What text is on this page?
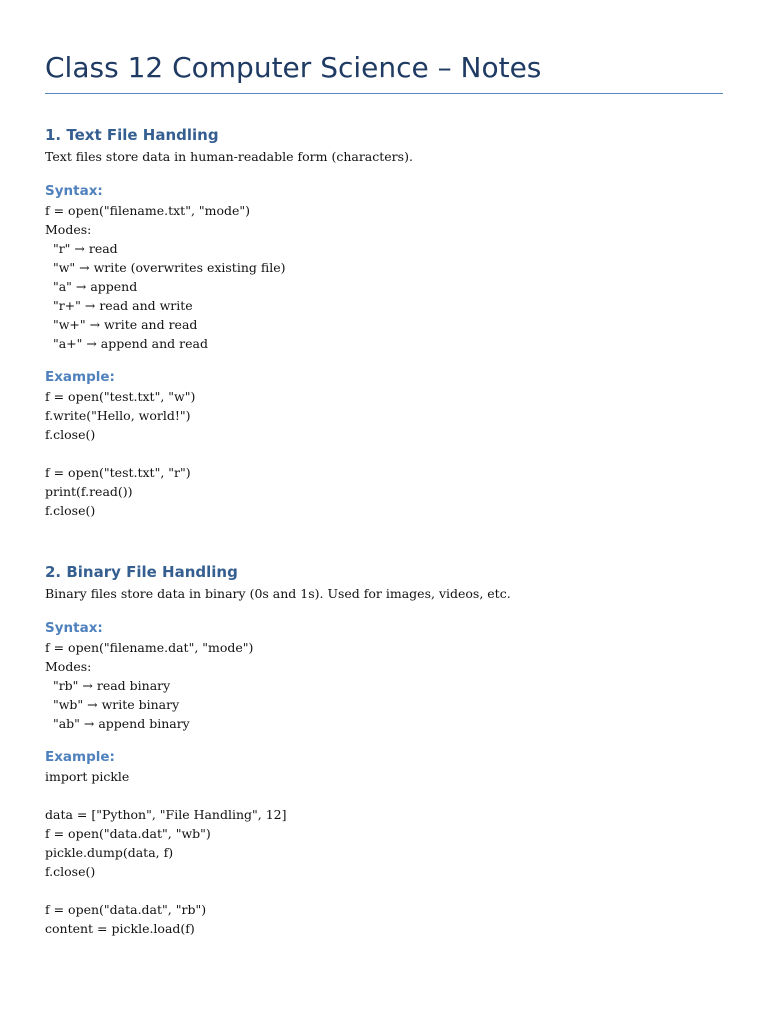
Class 12 Computer Science – Notes
1. Text File Handling

Text files store data in human-readable form (characters).

Syntax:

f = open("filename.txt", "mode")

Modes:

"r" → read

"w" → write (overwrites existing file)

"a" → append

"r+" → read and write

"w+" → write and read

"a+" → append and read

Example:

f = open("test.txt", "w")

f.write("Hello, world!")

f.close()

f = open("test.txt", "r")

print(f.read())

f.close()

2. Binary File Handling

Binary files store data in binary (0s and 1s). Used for images, videos, etc.

Syntax:

f = open("filename.dat", "mode")

Modes:

"rb" → read binary

"wb" → write binary

"ab" → append binary

Example:

import pickle

data = ["Python", "File Handling", 12]

f = open("data.dat", "wb")

pickle.dump(data, f)

f.close()

f = open("data.dat", "rb")

content = pickle.load(f)
